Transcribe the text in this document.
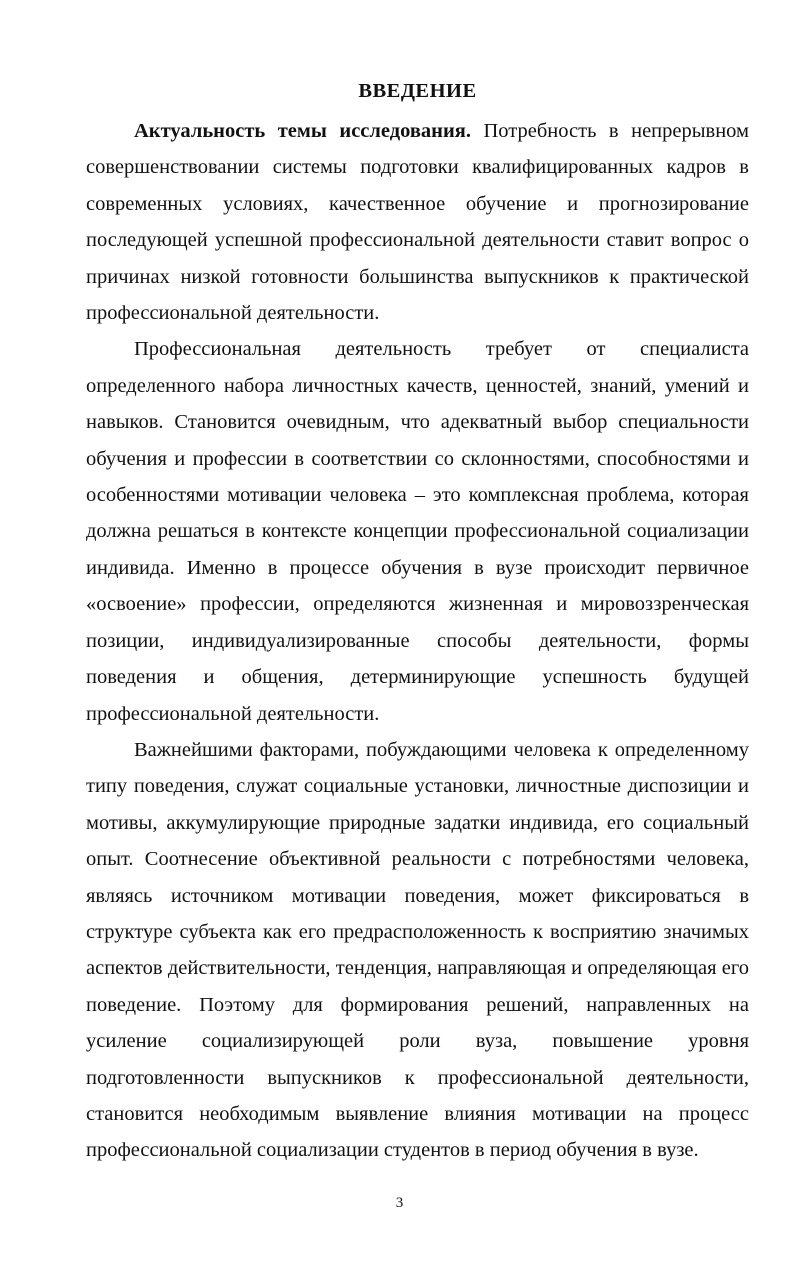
ВВЕДЕНИЕ

Актуальность темы исследования. Потребность в непрерывном совершенствовании системы подготовки квалифицированных кадров в современных условиях, качественное обучение и прогнозирование последующей успешной профессиональной деятельности ставит вопрос о причинах низкой готовности большинства выпускников к практической профессиональной деятельности.

Профессиональная деятельность требует от специалиста определенного набора личностных качеств, ценностей, знаний, умений и навыков. Становится очевидным, что адекватный выбор специальности обучения и профессии в соответствии со склонностями, способностями и особенностями мотивации человека – это комплексная проблема, которая должна решаться в контексте концепции профессиональной социализации индивида. Именно в процессе обучения в вузе происходит первичное «освоение» профессии, определяются жизненная и мировоззренческая позиции, индивидуализированные способы деятельности, формы поведения и общения, детерминирующие успешность будущей профессиональной деятельности.

Важнейшими факторами, побуждающими человека к определенному типу поведения, служат социальные установки, личностные диспозиции и мотивы, аккумулирующие природные задатки индивида, его социальный опыт. Соотнесение объективной реальности с потребностями человека, являясь источником мотивации поведения, может фиксироваться в структуре субъекта как его предрасположенность к восприятию значимых аспектов действительности, тенденция, направляющая и определяющая его поведение. Поэтому для формирования решений, направленных на усиление социализирующей роли вуза, повышение уровня подготовленности выпускников к профессиональной деятельности, становится необходимым выявление влияния мотивации на процесс профессиональной социализации студентов в период обучения в вузе.

3
